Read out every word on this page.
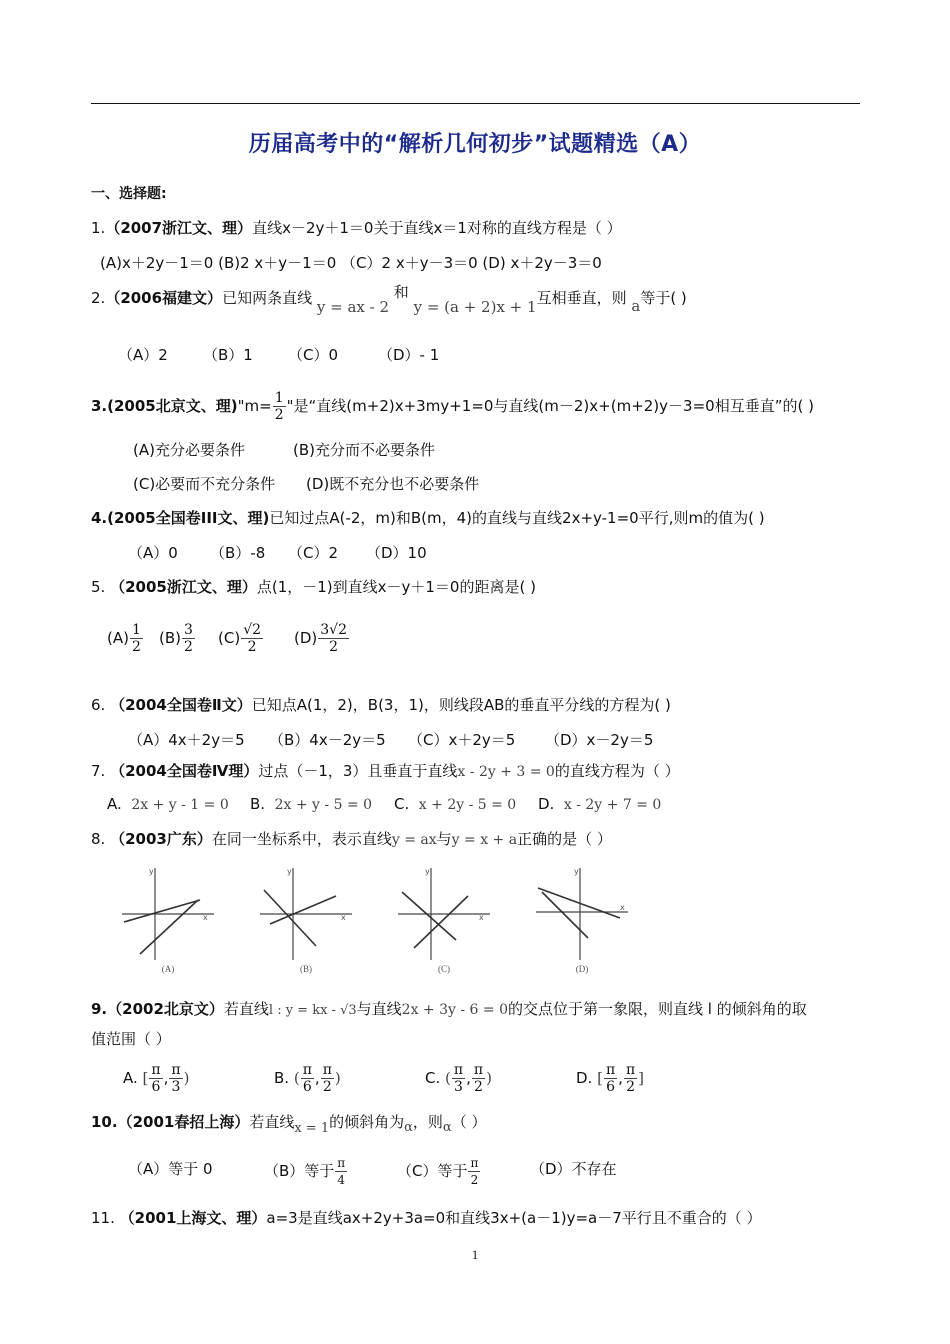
历届高考中的“解析几何初步”试题精选（A）
一、选择题:
1.（2007浙江文、理）直线x－2y＋1＝0关于直线x＝1对称的直线方程是（ ）
(A)x＋2y－1＝0 (B)2 x＋y－1＝0 （C）2 x＋y－3＝0 (D) x＋2y－3＝0
2.（2006福建文）已知两条直线 y = ax - 2 和 y = (a + 2)x + 1互相垂直，则 a等于( )
（A）2 （B）1 （C）0	（D）- 1
3.(2005北京文、理)"m= $\frac{1}{2}$ "是“直线(m+2)x+3my+1=0与直线(m－2)x+(m+2)y－3=0相互垂直”的( )
(A)充分必要条件	(B)充分而不必要条件
(C)必要而不充分条件 (D)既不充分也不必要条件
4.(2005全国卷III文、理)已知过点A(-2，m)和B(m，4)的直线与直线2x+y-1=0平行,则m的值为( )
（A）0 （B）-8 （C）2 （D）10
5. （2005浙江文、理）点(1，－1)到直线x－y＋1＝0的距离是( )
$(A) \frac{1}{2} (B) \frac{3}{2} (C) \frac{√2}{2} (D) \frac{3√2}{2}$
6. （2004全国卷Ⅱ文）已知点A(1，2)，B(3，1)，则线段AB的垂直平分线的方程为( )
（A）4x＋2y＝5 （B）4x－2y＝5 （C）x＋2y＝5 （D）x－2y＝5
7. （2004全国卷Ⅳ理）过点（－1，3）且垂直于直线x - 2y + 3 = 0的直线方程为（ ）
A. 2x + y - 1 = 0 B. 2x + y - 5 = 0 C. x + 2y - 5 = 0 D. x - 2y + 7 = 0
8. （2003广东）在同一坐标系中，表示直线y = ax与y = x + a正确的是（ ）
y
x
(A)
y
x
(B)
y
x
(C)
y
x
(D)
9.（2002北京文）若直线l : y = kx - √3与直线2x + 3y - 6 = 0的交点位于第一象限，则直线 l 的倾斜角的取
值范围（ ）
A. [ $\frac{\pi}{6}$ , $\frac{\pi}{3}$ )	B. ( $\frac{\pi}{6}$ , $\frac{\pi}{2}$ )	C. ( $\frac{\pi}{3}$ , $\frac{\pi}{2}$ )	D. [ $\frac{\pi}{6}$ , $\frac{\pi}{2}$ ]
10.（2001春招上海）若直线x = 1的倾斜角为α，则α（ ）
（A）等于 0	（B）等于 $\frac{\pi}{4}$	（C）等于 $\frac{\pi}{2}$	（D）不存在
11. （2001上海文、理）a=3是直线ax+2y+3a=0和直线3x+(a－1)y=a－7平行且不重合的（ ）
1
